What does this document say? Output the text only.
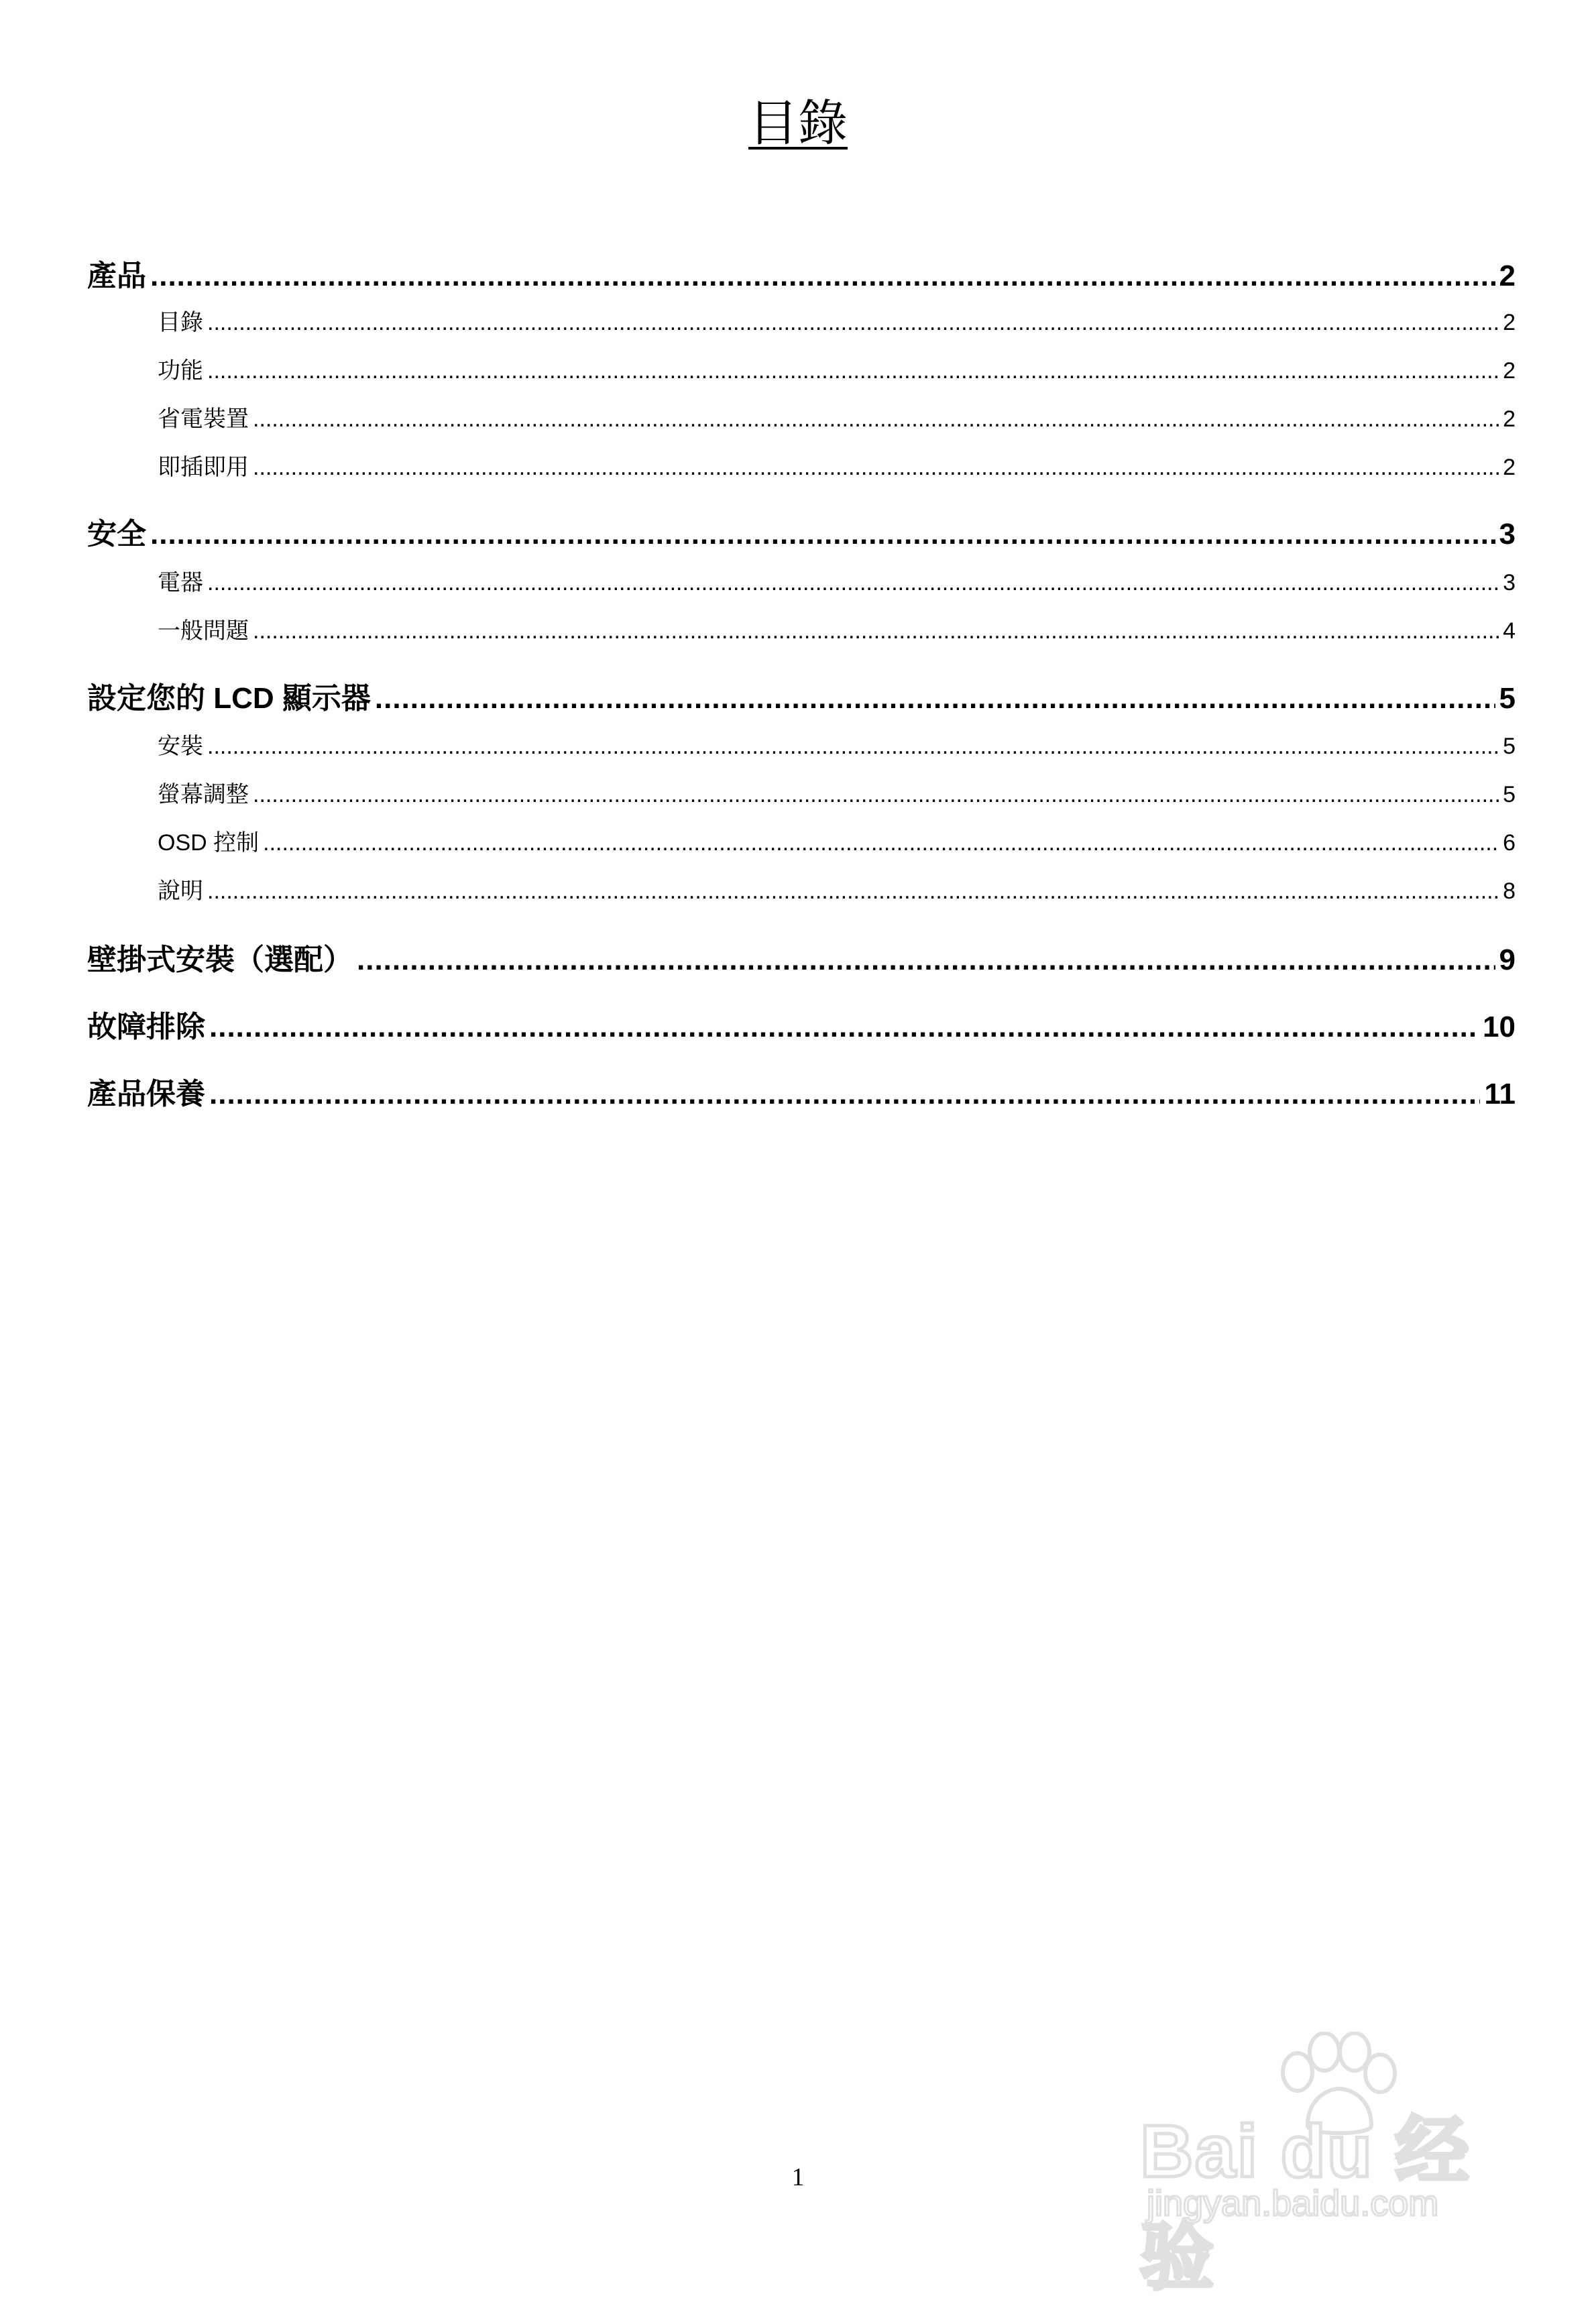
目錄
產品 .....	2
目錄 .....	2
功能 .....	2
省電裝置 .....	2
即插即用 .....	2
安全 .....	3
電器 .....	3
一般問題 .....	4
設定您的 LCD 顯示器 .....	5
安裝 .....	5
螢幕調整 .....	5
OSD 控制 .....	6
說明 .....	8
壁掛式安裝（選配） .....	9
故障排除 .....	10
產品保養 .....	11
1	Bai du 经验
jingyan.baidu.com
